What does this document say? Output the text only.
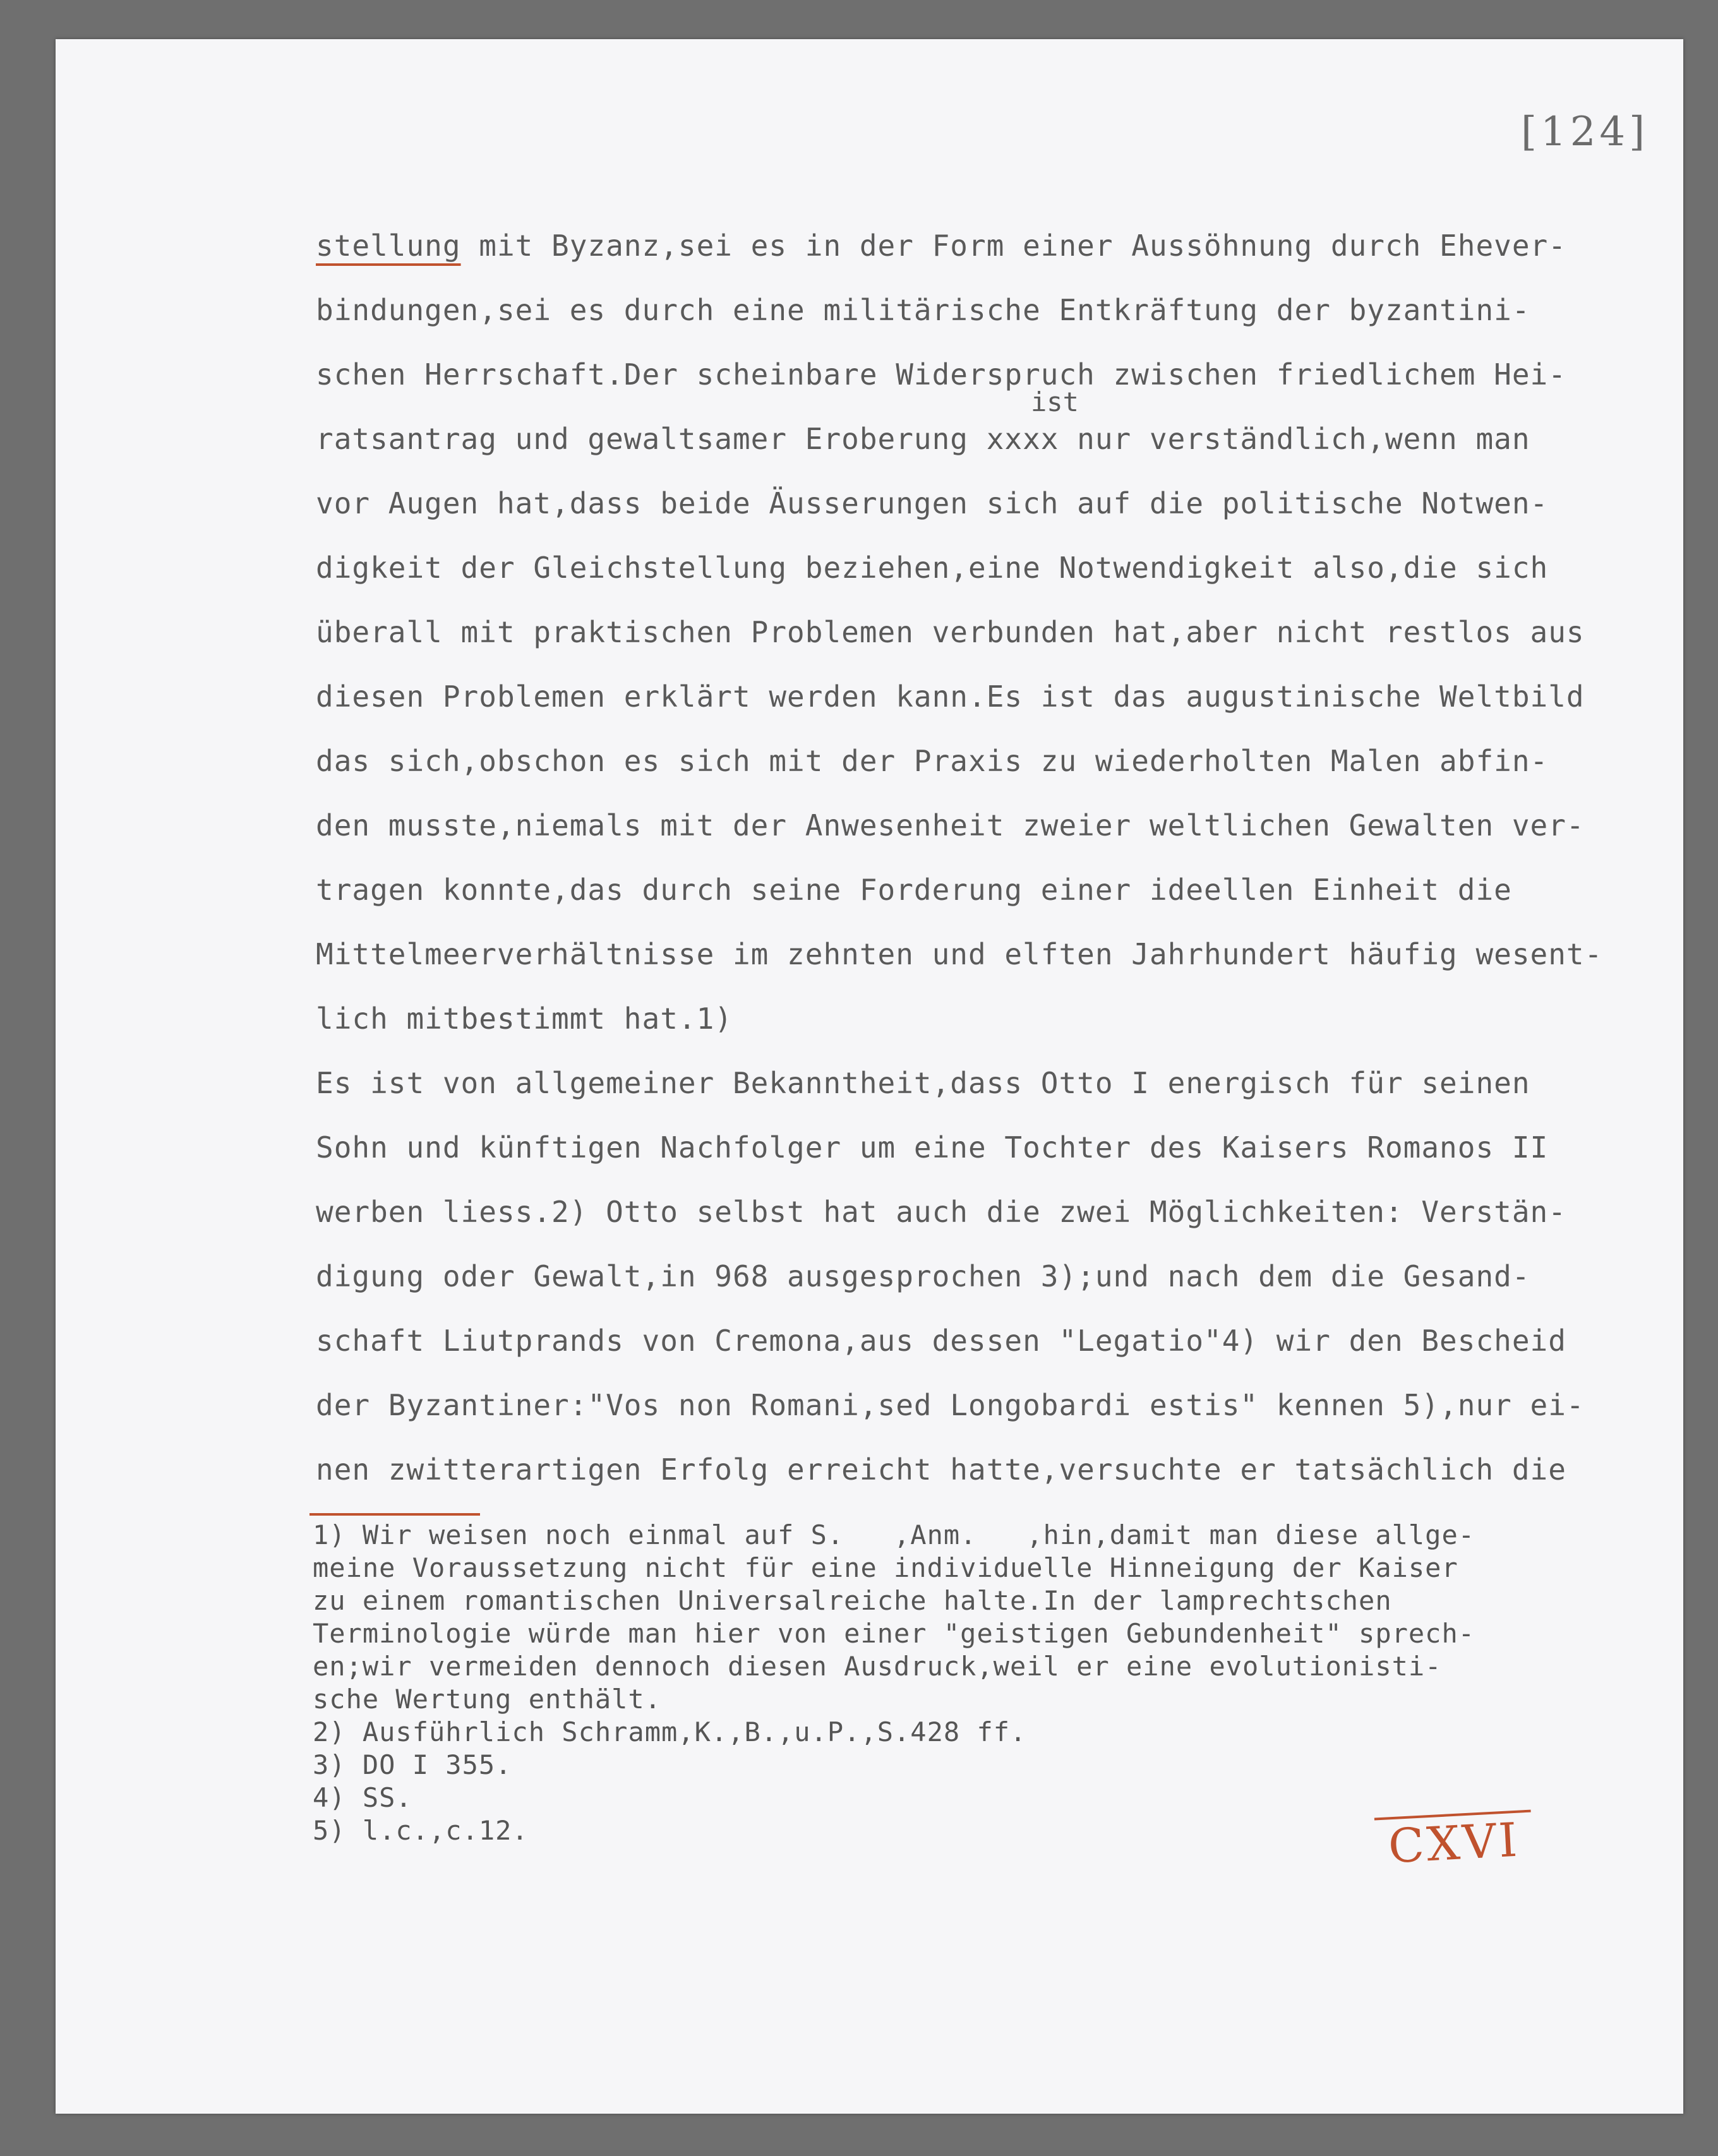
[124]
ist
stellung mit Byzanz,sei es in der Form einer Aussöhnung durch Ehever-
bindungen,sei es durch eine militärische Entkräftung der byzantini-
schen Herrschaft.Der scheinbare Widerspruch zwischen friedlichem Hei-
ratsantrag und gewaltsamer Eroberung xxxx nur verständlich,wenn man
vor Augen hat,dass beide Äusserungen sich auf die politische Notwen-
digkeit der Gleichstellung beziehen,eine Notwendigkeit also,die sich
überall mit praktischen Problemen verbunden hat,aber nicht restlos aus
diesen Problemen erklärt werden kann.Es ist das augustinische Weltbild
das sich,obschon es sich mit der Praxis zu wiederholten Malen abfin-
den musste,niemals mit der Anwesenheit zweier weltlichen Gewalten ver-
tragen konnte,das durch seine Forderung einer ideellen Einheit die
Mittelmeerverhältnisse im zehnten und elften Jahrhundert häufig wesent-
lich mitbestimmt hat.1)
Es ist von allgemeiner Bekanntheit,dass Otto I energisch für seinen
Sohn und künftigen Nachfolger um eine Tochter des Kaisers Romanos II
werben liess.2) Otto selbst hat auch die zwei Möglichkeiten: Verstän-
digung oder Gewalt,in 968 ausgesprochen 3);und nach dem die Gesand-
schaft Liutprands von Cremona,aus dessen "Legatio"4) wir den Bescheid
der Byzantiner:"Vos non Romani,sed Longobardi estis" kennen 5),nur ei-
nen zwitterartigen Erfolg erreicht hatte,versuchte er tatsächlich die
1) Wir weisen noch einmal auf S.   ,Anm.   ,hin,damit man diese allge-
meine Voraussetzung nicht für eine individuelle Hinneigung der Kaiser
zu einem romantischen Universalreiche halte.In der lamprechtschen
Terminologie würde man hier von einer "geistigen Gebundenheit" sprech-
en;wir vermeiden dennoch diesen Ausdruck,weil er eine evolutionisti-
sche Wertung enthält.
2) Ausführlich Schramm,K.,B.,u.P.,S.428 ff.
3) DO I 355.
4) SS.
5) l.c.,c.12.	CXVI
